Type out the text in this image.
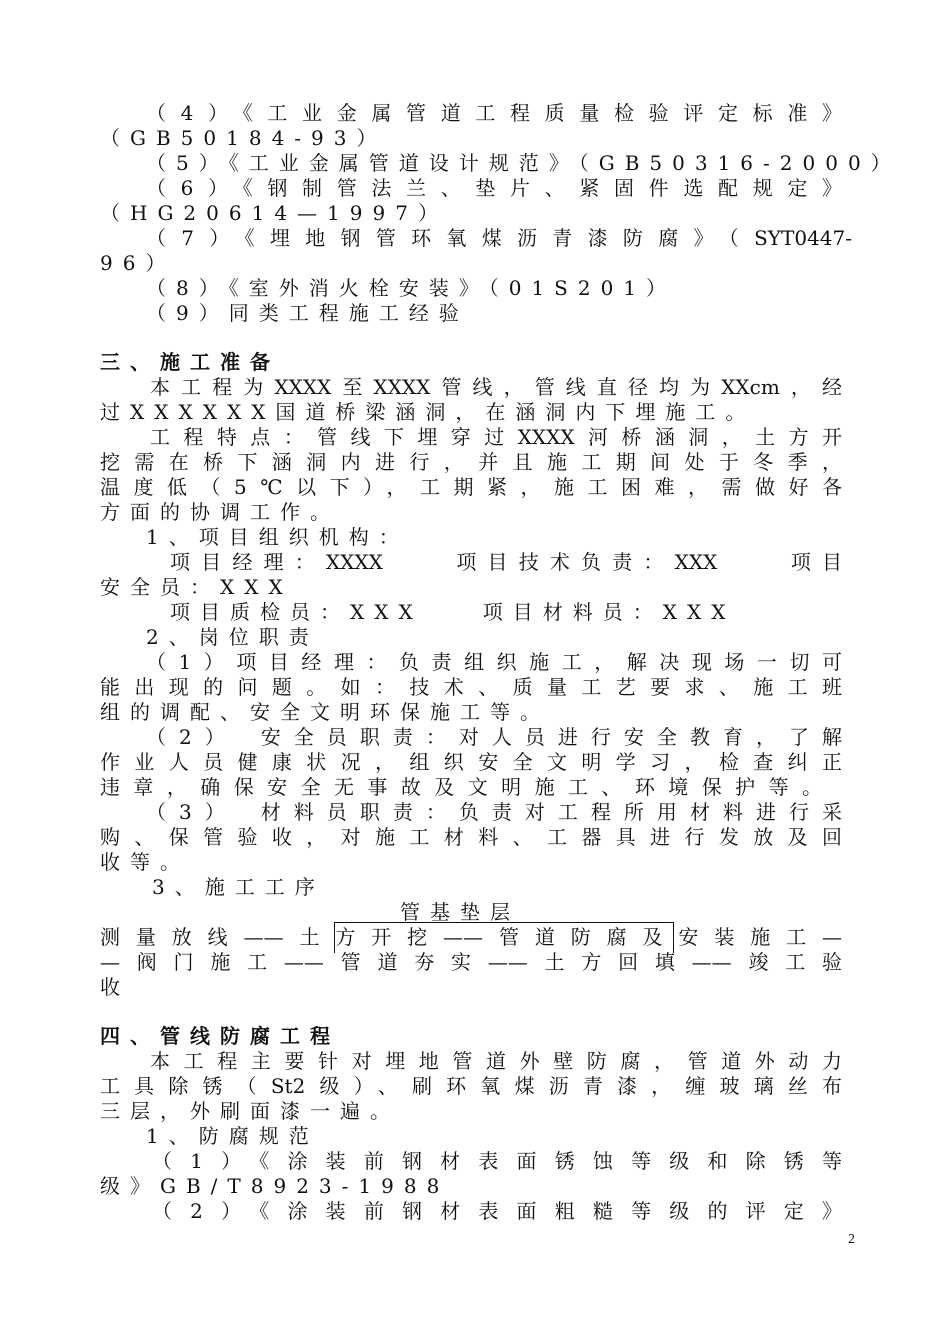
（4）《工业金属管道工程质量检验评定标准》
（GB50184-93）
（5）《工业金属管道设计规范》（GB50316-2000）
（6）《钢制管法兰、垫片、紧固件选配规定》
（HG20614—1997）
（7）《埋地钢管环氧煤沥青漆防腐》（SYT0447-
96）
（8）《室外消火栓安装》（01S201）
（9）同类工程施工经验
三、施工准备
本工程为XXXX至XXXX管线，管线直径均为XXcm，经
过XXXXXX国道桥梁涵洞，在涵洞内下埋施工。
工程特点：管线下埋穿过XXXX河桥涵洞，土方开
挖需在桥下涵洞内进行，并且施工期间处于冬季，
温度低（5℃以下），工期紧，施工困难，需做好各
方面的协调工作。
1、项目组织机构：
项目经理：XXXX　　项目技术负责：XXX　　项目
安全员：XXX
项目质检员：XXX　　项目材料员：XXX
2、岗位职责
（1）项目经理：负责组织施工，解决现场一切可
能出现的问题。如：技术、质量工艺要求、施工班
组的调配、安全文明环保施工等。
（2）　安全员职责：对人员进行安全教育，了解
作业人员健康状况，组织安全文明学习，检查纠正
违章，确保安全无事故及文明施工、环境保护等。
（3）　材料员职责：负责对工程所用材料进行采
购、保管验收，对施工材料、工器具进行发放及回
收等。
3、施工工序
管基垫层
测量放线——土方开挖——管道防腐及安装施工—
—阀门施工——管道夯实——土方回填——竣工验
收
四、管线防腐工程
本工程主要针对埋地管道外壁防腐，管道外动力
工具除锈（St2级）、刷环氧煤沥青漆，缠玻璃丝布
三层，外刷面漆一遍。
1、防腐规范
（1）《涂装前钢材表面锈蚀等级和除锈等
级》GB/T8923-1988
（2）《涂装前钢材表面粗糙等级的评定》
2
